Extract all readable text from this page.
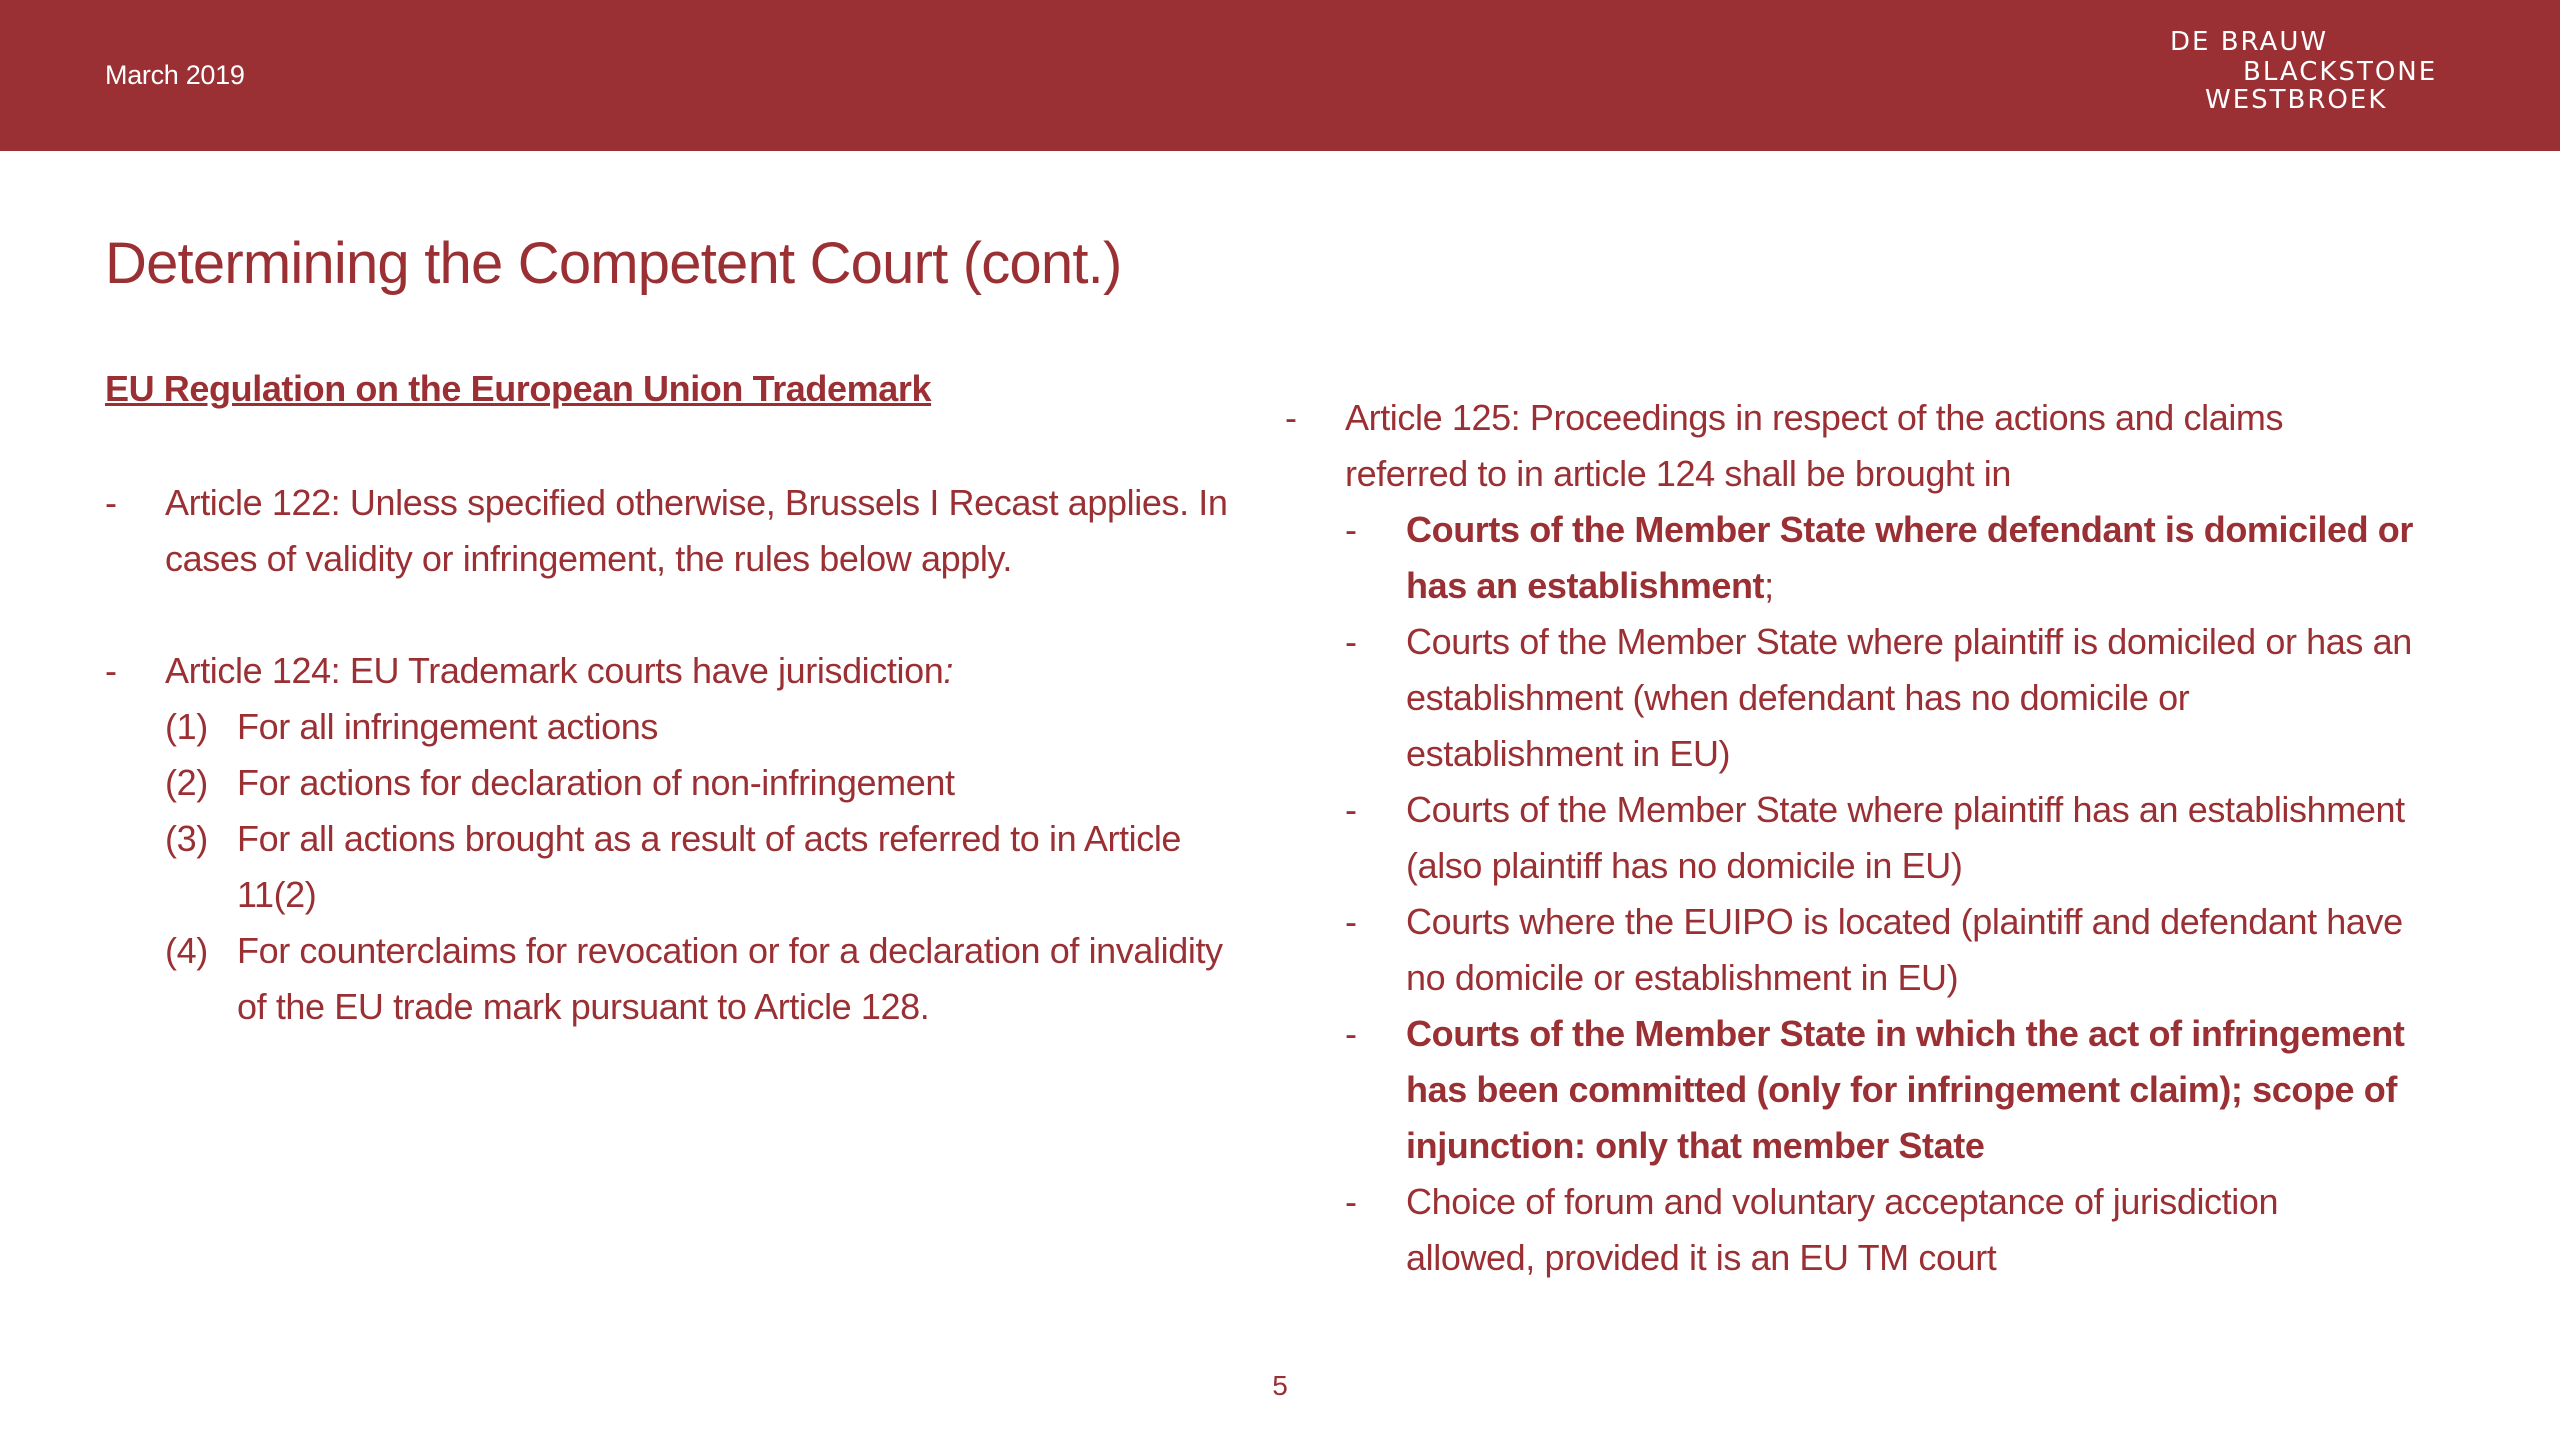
March 2019
DE BRAUW
BLACKSTONE
WESTBROEK
Determining the Competent Court (cont.)
EU Regulation on the European Union Trademark
- Article 122: Unless specified otherwise, Brussels I Recast applies. In cases of validity or infringement, the rules below apply.
- Article 124: EU Trademark courts have jurisdiction:
(1) For all infringement actions
(2) For actions for declaration of non-infringement
(3) For all actions brought as a result of acts referred to in Article 11(2)
(4) For counterclaims for revocation or for a declaration of invalidity of the EU trade mark pursuant to Article 128.
- Article 125: Proceedings in respect of the actions and claims referred to in article 124 shall be brought in
- Courts of the Member State where defendant is domiciled or has an establishment;
- Courts of the Member State where plaintiff is domiciled or has an establishment (when defendant has no domicile or establishment in EU)
- Courts of the Member State where plaintiff has an establishment (also plaintiff has no domicile in EU)
- Courts where the EUIPO is located (plaintiff and defendant have no domicile or establishment in EU)
- Courts of the Member State in which the act of infringement has been committed (only for infringement claim); scope of injunction: only that member State
- Choice of forum and voluntary acceptance of jurisdiction allowed, provided it is an EU TM court
5
